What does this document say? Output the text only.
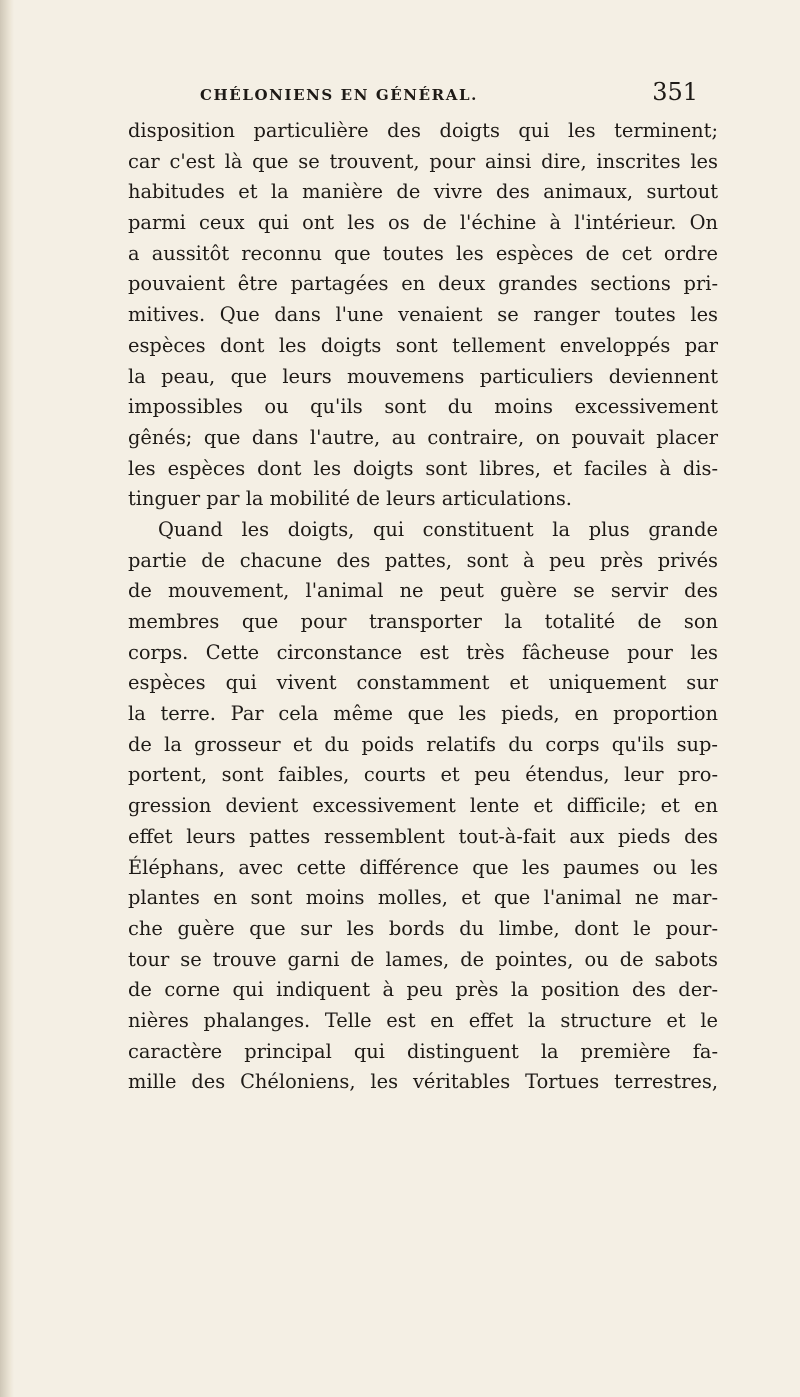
CHÉLONIENS EN GÉNÉRAL.	351
disposition particulière des doigts qui les terminent;
car c'est là que se trouvent, pour ainsi dire, inscrites les
habitudes et la manière de vivre des animaux, surtout
parmi ceux qui ont les os de l'échine à l'intérieur. On
a aussitôt reconnu que toutes les espèces de cet ordre
pouvaient être partagées en deux grandes sections pri-
mitives. Que dans l'une venaient se ranger toutes les
espèces dont les doigts sont tellement enveloppés par
la peau, que leurs mouvemens particuliers deviennent
impossibles ou qu'ils sont du moins excessivement
gênés; que dans l'autre, au contraire, on pouvait placer
les espèces dont les doigts sont libres, et faciles à dis-
tinguer par la mobilité de leurs articulations.
Quand les doigts, qui constituent la plus grande
partie de chacune des pattes, sont à peu près privés
de mouvement, l'animal ne peut guère se servir des
membres que pour transporter la totalité de son
corps. Cette circonstance est très fâcheuse pour les
espèces qui vivent constamment et uniquement sur
la terre. Par cela même que les pieds, en proportion
de la grosseur et du poids relatifs du corps qu'ils sup-
portent, sont faibles, courts et peu étendus, leur pro-
gression devient excessivement lente et difficile; et en
effet leurs pattes ressemblent tout-à-fait aux pieds des
Éléphans, avec cette différence que les paumes ou les
plantes en sont moins molles, et que l'animal ne mar-
che guère que sur les bords du limbe, dont le pour-
tour se trouve garni de lames, de pointes, ou de sabots
de corne qui indiquent à peu près la position des der-
nières phalanges. Telle est en effet la structure et le
caractère principal qui distinguent la première fa-
mille des Chéloniens, les véritables Tortues terrestres,
